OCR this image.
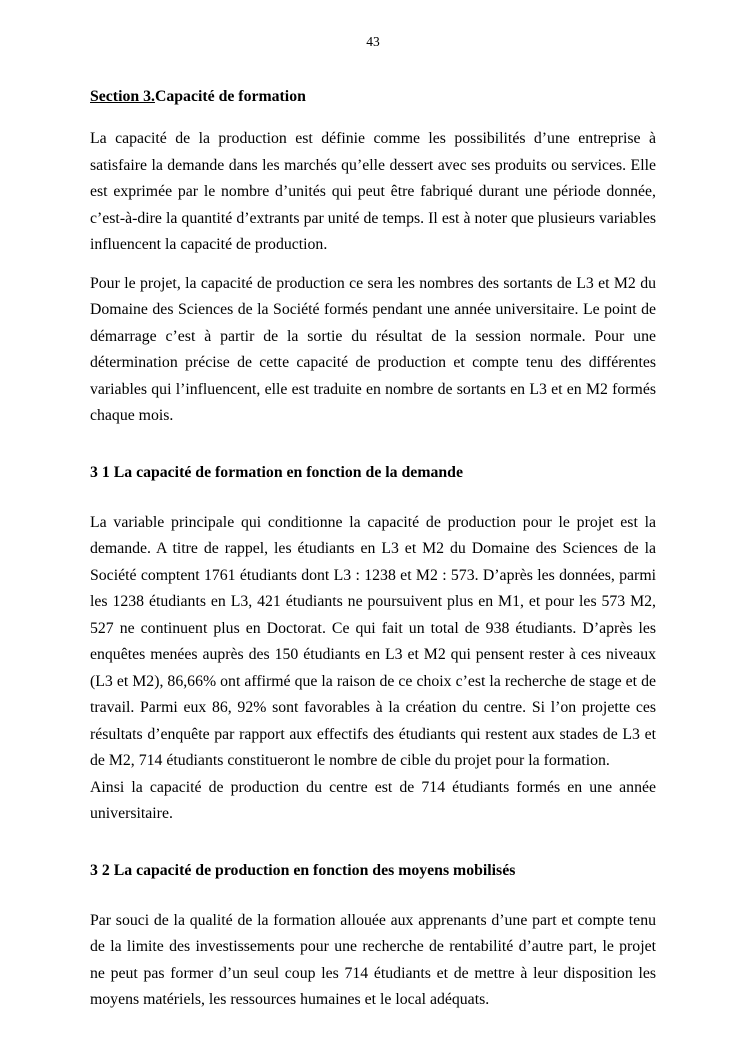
43
Section 3.Capacité de formation

La capacité de la production est définie comme les possibilités d’une entreprise à satisfaire la demande dans les marchés qu’elle dessert avec ses produits ou services. Elle est exprimée par le nombre d’unités qui peut être fabriqué durant une période donnée, c’est-à-dire la quantité d’extrants par unité de temps. Il est à noter que plusieurs variables influencent la capacité de production.

Pour le projet, la capacité de production ce sera les nombres des sortants de L3 et M2 du Domaine des Sciences de la Société formés pendant une année universitaire. Le point de démarrage c’est à partir de la sortie du résultat de la session normale. Pour une détermination précise de cette capacité de production et compte tenu des différentes variables qui l’influencent, elle est traduite en nombre de sortants en L3 et en M2 formés chaque mois.

3 1 La capacité de formation en fonction de la demande

La variable principale qui conditionne la capacité de production pour le projet est la demande. A titre de rappel, les étudiants en L3 et M2 du Domaine des Sciences de la Société comptent 1761 étudiants dont L3 : 1238 et M2 : 573. D’après les données, parmi les 1238 étudiants en L3, 421 étudiants ne poursuivent plus en M1, et pour les 573 M2, 527 ne continuent plus en Doctorat. Ce qui fait un total de 938 étudiants. D’après les enquêtes menées auprès des 150 étudiants en L3 et M2 qui pensent rester à ces niveaux (L3 et M2), 86,66% ont affirmé que la raison de ce choix c’est la recherche de stage et de travail. Parmi eux 86, 92% sont favorables à la création du centre. Si l’on projette ces résultats d’enquête par rapport aux effectifs des étudiants qui restent aux stades de L3 et de M2, 714 étudiants constitueront le nombre de cible du projet pour la formation.

Ainsi la capacité de production du centre est de 714 étudiants formés en une année universitaire.

3 2 La capacité de production en fonction des moyens mobilisés

Par souci de la qualité de la formation allouée aux apprenants d’une part et compte tenu de la limite des investissements pour une recherche de rentabilité d’autre part, le projet ne peut pas former d’un seul coup les 714 étudiants et de mettre à leur disposition les moyens matériels, les ressources humaines et le local adéquats.
